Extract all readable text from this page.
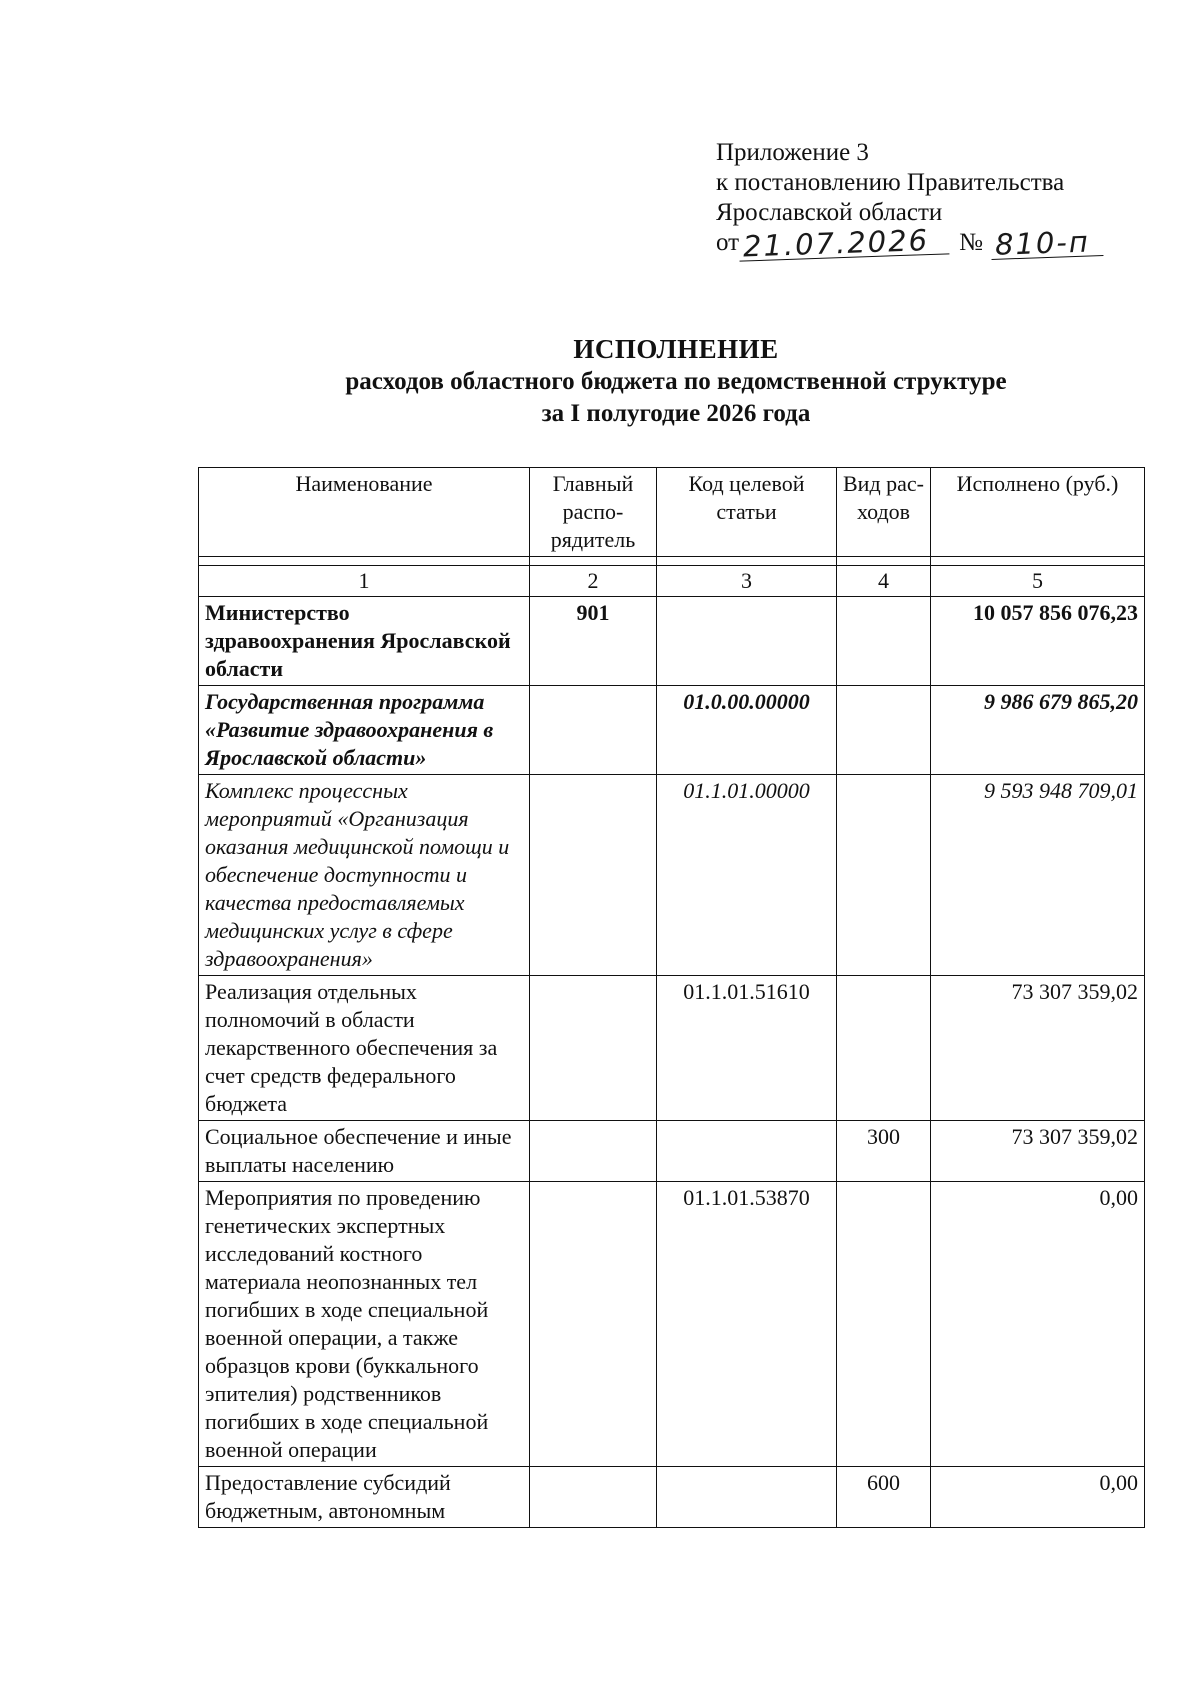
Приложение 3
к постановлению Правительства
Ярославской области
от 21.07.2026	№ 810-п
ИСПОЛНЕНИЕ
расходов областного бюджета по ведомственной структуре
за I полугодие 2026 года
Наименование	Главный распо-рядитель	Код целевой статьи	Вид рас-ходов	Исполнено (руб.)

1	2	3	4	5
Министерство здравоохранения Ярославской области	901			10 057 856 076,23
Государственная программа «Развитие здравоохранения в Ярославской области»		01.0.00.00000		9 986 679 865,20
Комплекс процессных мероприятий «Организация оказания медицинской помощи и обеспечение доступности и качества предоставляемых медицинских услуг в сфере здравоохранения»		01.1.01.00000		9 593 948 709,01
Реализация отдельных полномочий в области лекарственного обеспечения за счет средств федерального бюджета		01.1.01.51610		73 307 359,02
Социальное обеспечение и иные выплаты населению			300	73 307 359,02
Мероприятия по проведению генетических экспертных исследований костного материала неопознанных тел погибших в ходе специальной военной операции, а также образцов крови (буккального эпителия) родственников погибших в ходе специальной военной операции		01.1.01.53870		0,00
Предоставление субсидий бюджетным, автономным			600	0,00
